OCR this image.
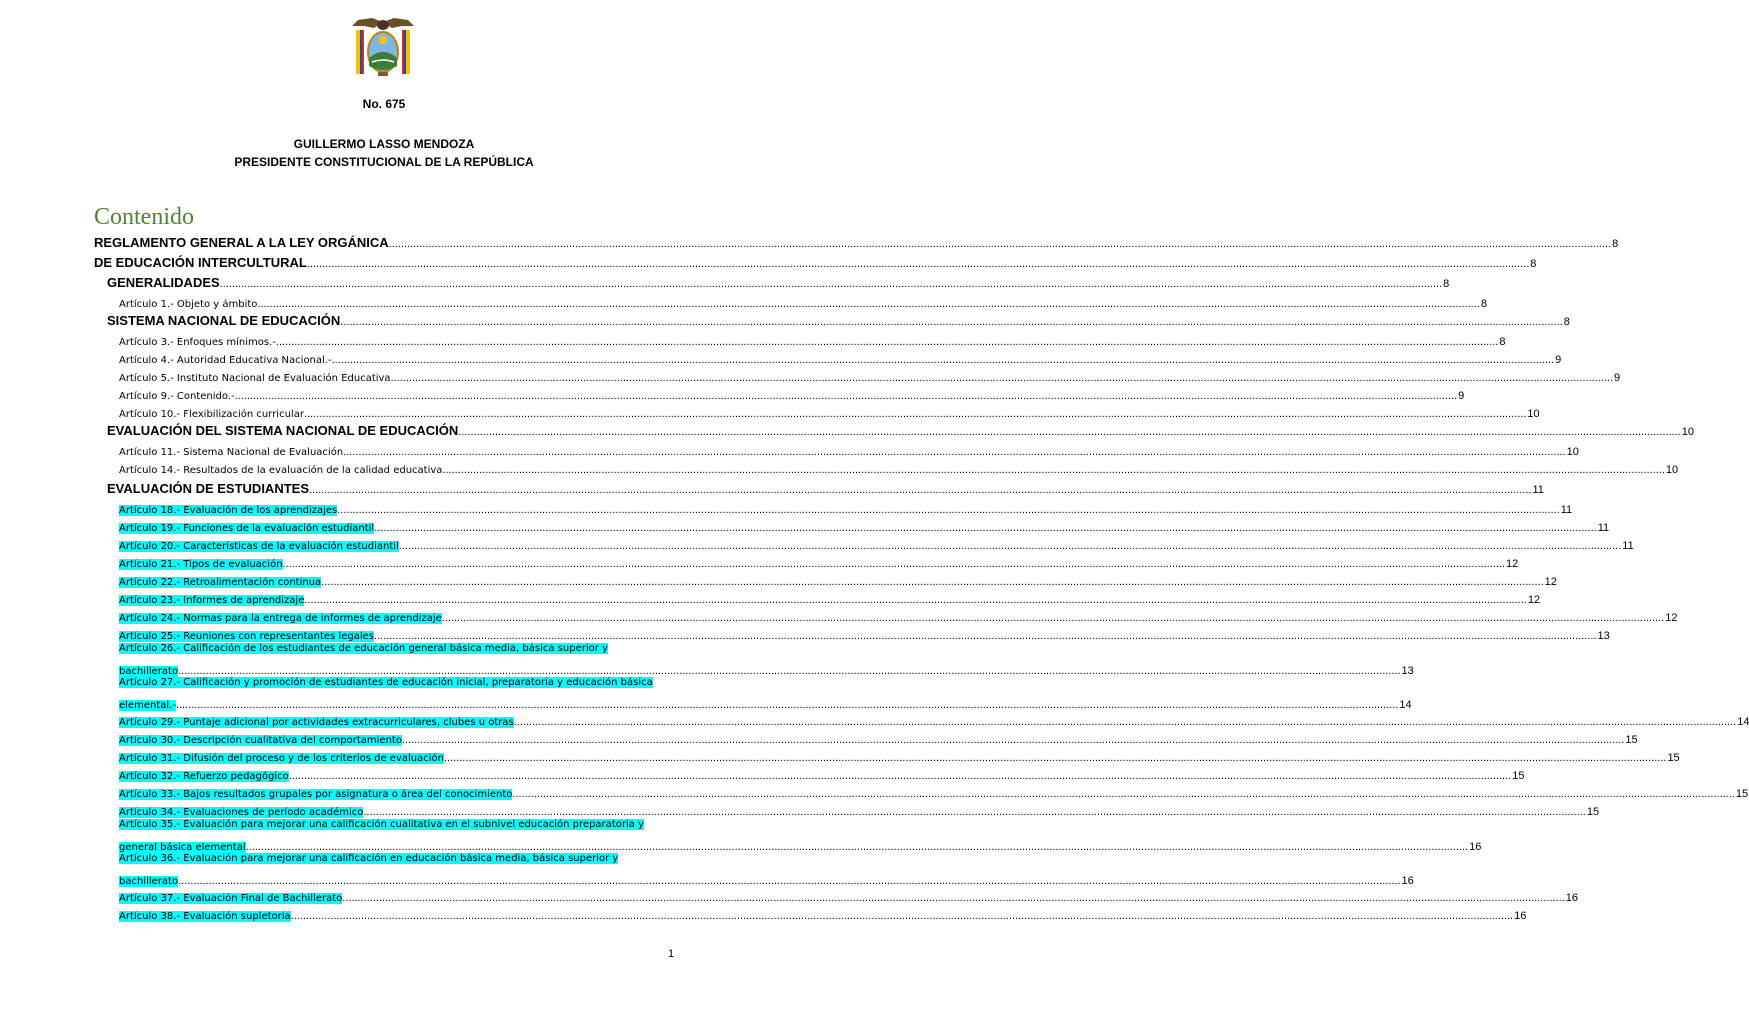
No. 675
GUILLERMO LASSO MENDOZA
PRESIDENTE CONSTITUCIONAL DE LA REPÚBLICA
Contenido
REGLAMENTO GENERAL A LA LEY ORGÁNICA ................................................................................................................................................................................................................................................................................................................................................................................................................ 8
DE EDUCACIÓN INTERCULTURAL ................................................................................................................................................................................................................................................................................................................................................................................................................ 8
GENERALIDADES ................................................................................................................................................................................................................................................................................................................................................................................................................ 8
Artículo 1.- Objeto y ámbito ................................................................................................................................................................................................................................................................................................................................................................................................................ 8
SISTEMA NACIONAL DE EDUCACIÓN ................................................................................................................................................................................................................................................................................................................................................................................................................ 8
Artículo 3.- Enfoques mínimos.- ................................................................................................................................................................................................................................................................................................................................................................................................................ 8
Artículo 4.- Autoridad Educativa Nacional.- ................................................................................................................................................................................................................................................................................................................................................................................................................ 9
Artículo 5.- Instituto Nacional de Evaluación Educativa ................................................................................................................................................................................................................................................................................................................................................................................................................ 9
Artículo 9.- Contenido.- ................................................................................................................................................................................................................................................................................................................................................................................................................ 9
Artículo 10.- Flexibilización curricular ................................................................................................................................................................................................................................................................................................................................................................................................................ 10
EVALUACIÓN DEL SISTEMA NACIONAL DE EDUCACIÓN ................................................................................................................................................................................................................................................................................................................................................................................................................ 10
Artículo 11.- Sistema Nacional de Evaluación ................................................................................................................................................................................................................................................................................................................................................................................................................ 10
Artículo 14.- Resultados de la evaluación de la calidad educativa ................................................................................................................................................................................................................................................................................................................................................................................................................ 10
EVALUACIÓN DE ESTUDIANTES ................................................................................................................................................................................................................................................................................................................................................................................................................ 11
Artículo 18.- Evaluación de los aprendizajes ................................................................................................................................................................................................................................................................................................................................................................................................................ 11
Artículo 19.- Funciones de la evaluación estudiantil ................................................................................................................................................................................................................................................................................................................................................................................................................ 11
Artículo 20.- Características de la evaluación estudiantil ................................................................................................................................................................................................................................................................................................................................................................................................................ 11
Artículo 21.- Tipos de evaluación ................................................................................................................................................................................................................................................................................................................................................................................................................ 12
Artículo 22.- Retroalimentación continua ................................................................................................................................................................................................................................................................................................................................................................................................................ 12
Artículo 23.- Informes de aprendizaje ................................................................................................................................................................................................................................................................................................................................................................................................................ 12
Artículo 24.- Normas para la entrega de informes de aprendizaje ................................................................................................................................................................................................................................................................................................................................................................................................................ 12
Artículo 25.- Reuniones con representantes legales ................................................................................................................................................................................................................................................................................................................................................................................................................ 13
Artículo 26.- Calificación de los estudiantes de educación general básica media, básica superior y
bachillerato ................................................................................................................................................................................................................................................................................................................................................................................................................ 13
Artículo 27.- Calificación y promoción de estudiantes de educación inicial, preparatoria y educación básica
elemental.- ................................................................................................................................................................................................................................................................................................................................................................................................................ 14
Artículo 29.- Puntaje adicional por actividades extracurriculares, clubes u otras ................................................................................................................................................................................................................................................................................................................................................................................................................ 14
Artículo 30.- Descripción cualitativa del comportamiento ................................................................................................................................................................................................................................................................................................................................................................................................................ 15
Artículo 31.- Difusión del proceso y de los criterios de evaluación ................................................................................................................................................................................................................................................................................................................................................................................................................ 15
Artículo 32.- Refuerzo pedagógico ................................................................................................................................................................................................................................................................................................................................................................................................................ 15
Artículo 33.- Bajos resultados grupales por asignatura o área del conocimiento ................................................................................................................................................................................................................................................................................................................................................................................................................ 15
Artículo 34.- Evaluaciones de período académico ................................................................................................................................................................................................................................................................................................................................................................................................................ 15
Artículo 35.- Evaluación para mejorar una calificación cualitativa en el subnivel educación preparatoria y
general básica elemental ................................................................................................................................................................................................................................................................................................................................................................................................................ 16
Artículo 36.- Evaluación para mejorar una calificación en educación básica media, básica superior y
bachillerato ................................................................................................................................................................................................................................................................................................................................................................................................................ 16
Artículo 37.- Evaluación Final de Bachillerato ................................................................................................................................................................................................................................................................................................................................................................................................................ 16
Artículo 38.- Evaluación supletoria ................................................................................................................................................................................................................................................................................................................................................................................................................ 16
1
